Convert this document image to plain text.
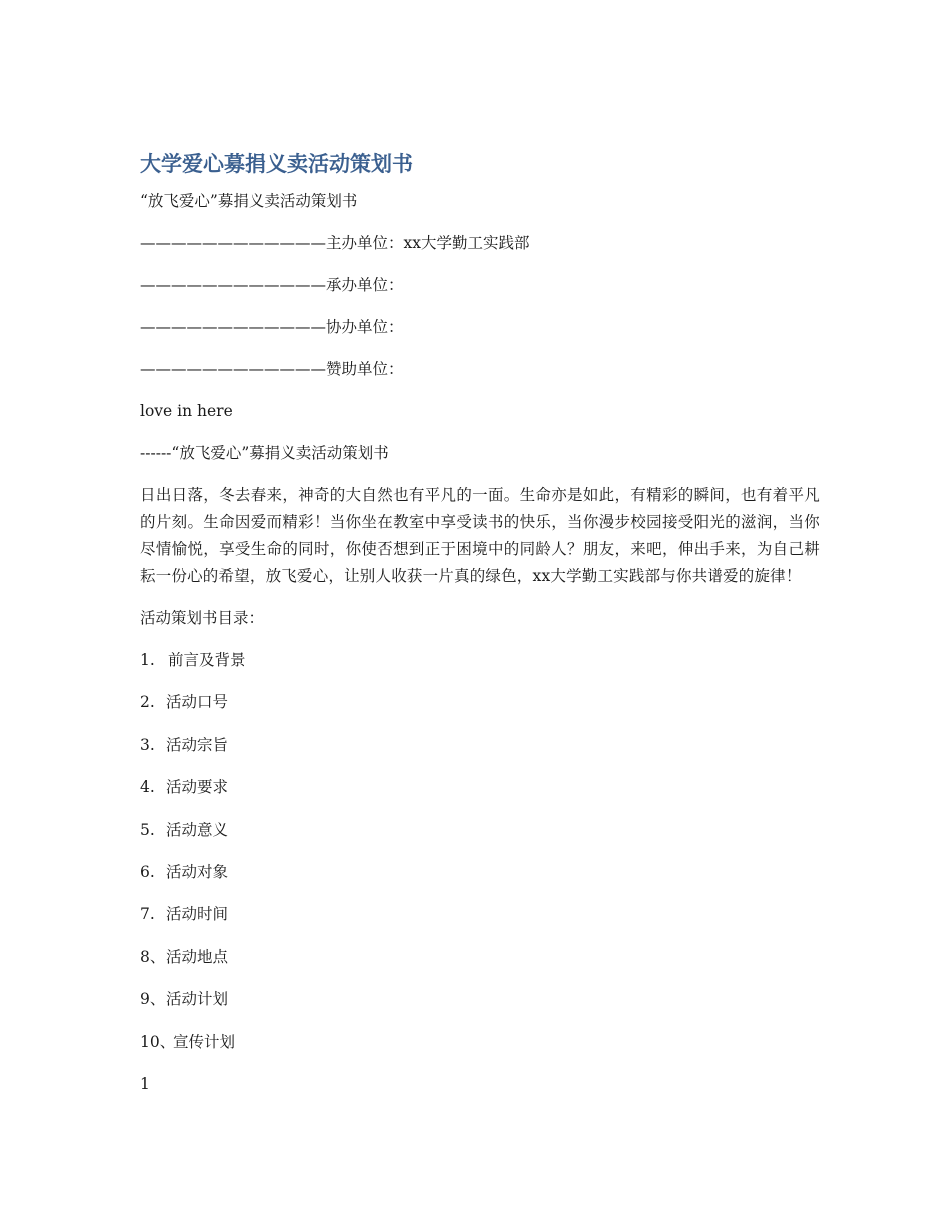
大学爱心募捐义卖活动策划书
“放飞爱心”募捐义卖活动策划书
————————————主办单位：xx大学勤工实践部
————————————承办单位：
————————————协办单位：
————————————赞助单位：
love in here
------“放飞爱心”募捐义卖活动策划书
日出日落，冬去春来，神奇的大自然也有平凡的一面。生命亦是如此，有精彩的瞬间，也有着平凡的片刻。生命因爱而精彩！当你坐在教室中享受读书的快乐，当你漫步校园接受阳光的滋润，当你尽情愉悦，享受生命的同时，你使否想到正于困境中的同龄人？朋友，来吧，伸出手来，为自己耕耘一份心的希望，放飞爱心，让别人收获一片真的绿色，xx大学勤工实践部与你共谱爱的旋律！
活动策划书目录：
1. 前言及背景
2. 活动口号
3. 活动宗旨
4. 活动要求
5. 活动意义
6. 活动对象
7. 活动时间
8、活动地点
9、活动计划
10、宣传计划
1
